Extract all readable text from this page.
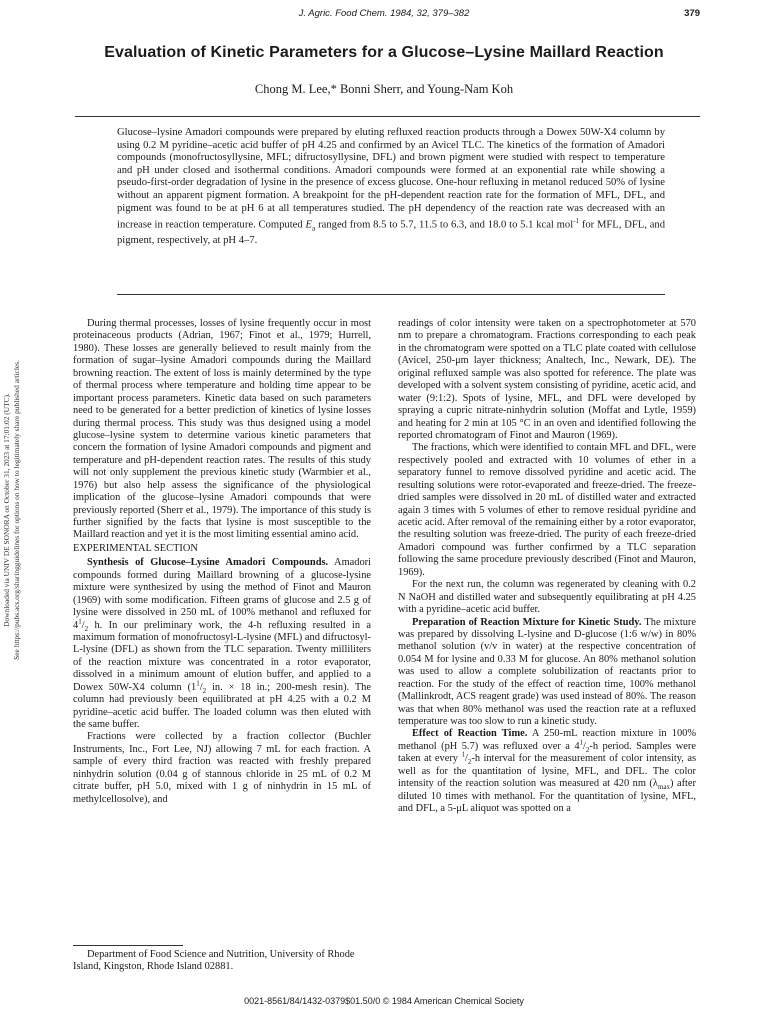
J. Agric. Food Chem. 1984, 32, 379–382	379
Evaluation of Kinetic Parameters for a Glucose–Lysine Maillard Reaction
Chong M. Lee,* Bonni Sherr, and Young-Nam Koh

Glucose–lysine Amadori compounds were prepared by eluting refluxed reaction products through a Dowex 50W-X4 column by using 0.2 M pyridine–acetic acid buffer of pH 4.25 and confirmed by an Avicel TLC. The kinetics of the formation of Amadori compounds (monofructosyllysine, MFL; difructosyllysine, DFL) and brown pigment were studied with respect to temperature and pH under closed and isothermal conditions. Amadori compounds were formed at an exponential rate while showing a pseudo-first-order degradation of lysine in the presence of excess glucose. One-hour refluxing in metanol reduced 50% of lysine without an apparent pigment formation. A breakpoint for the pH-dependent reaction rate for the formation of MFL, DFL, and pigment was found to be at pH 6 at all temperatures studied. The pH dependency of the reaction rate was decreased with an increase in reaction temperature. Computed $E_a$ ranged from 8.5 to 5.7, 11.5 to 6.3, and 18.0 to 5.1 kcal mol$^{-1}$ for MFL, DFL, and pigment, respectively, at pH 4–7.

Downloaded via UNIV DE SONORA on October 31, 2023 at 17:01:02 (UTC). See https://pubs.acs.org/sharingguidelines for options on how to legitimately share published articles.

During thermal processes, losses of lysine frequently occur in most proteinaceous products (Adrian, 1967; Finot et al., 1979; Hurrell, 1980). These losses are generally believed to result mainly from the formation of sugar–lysine Amadori compounds during the Maillard browning reaction. The extent of loss is mainly determined by the type of thermal process where temperature and holding time appear to be important process parameters. Kinetic data based on such parameters need to be generated for a better prediction of kinetics of lysine losses during thermal process. This study was thus designed using a model glucose–lysine system to determine various kinetic parameters that concern the formation of lysine Amadori compounds and pigment and temperature and pH-dependent reaction rates. The results of this study will not only supplement the previous kinetic study (Warmbier et al., 1976) but also help assess the significance of the physiological implication of the glucose–lysine Amadori compounds that were previously reported (Sherr et al., 1979). The importance of this study is further signified by the facts that lysine is most susceptible to the Maillard reaction and yet it is the most limiting essential amino acid.

EXPERIMENTAL SECTION

Synthesis of Glucose–Lysine Amadori Compounds. Amadori compounds formed during Maillard browning of a glucose-lysine mixture were synthesized by using the method of Finot and Mauron (1969) with some modification. Fifteen grams of glucose and 2.5 g of lysine were dissolved in 250 mL of 100% methanol and refluxed for $4^1/_2$ h. In our preliminary work, the 4-h refluxing resulted in a maximum formation of monofructosyl-L-lysine (MFL) and difructosyl-L-lysine (DFL) as shown from the TLC separation. Twenty milliliters of the reaction mixture was concentrated in a rotor evaporator, dissolved in a minimum amount of elution buffer, and applied to a Dowex 50W-X4 column ($1^1/_2$ in. × 18 in.; 200-mesh resin). The column had previously been equilibrated at pH 4.25 with a 0.2 M pyridine–acetic acid buffer. The loaded column was then eluted with the same buffer.

Fractions were collected by a fraction collector (Buchler Instruments, Inc., Fort Lee, NJ) allowing 7 mL for each fraction. A sample of every third fraction was reacted with freshly prepared ninhydrin solution (0.04 g of stannous chloride in 25 mL of 0.2 M citrate buffer, pH 5.0, mixed with 1 g of ninhydrin in 15 mL of methylcellosolve), and

Department of Food Science and Nutrition, University of Rhode Island, Kingston, Rhode Island 02881.

readings of color intensity were taken on a spectrophotometer at 570 nm to prepare a chromatogram. Fractions corresponding to each peak in the chromatogram were spotted on a TLC plate coated with cellulose (Avicel, 250-μm layer thickness; Analtech, Inc., Newark, DE). The original refluxed sample was also spotted for reference. The plate was developed with a solvent system consisting of pyridine, acetic acid, and water (9:1:2). Spots of lysine, MFL, and DFL were developed by spraying a cupric nitrate-ninhydrin solution (Moffat and Lytle, 1959) and heating for 2 min at 105 °C in an oven and identified following the reported chromatogram of Finot and Mauron (1969).

The fractions, which were identified to contain MFL and DFL, were respectively pooled and extracted with 10 volumes of ether in a separatory funnel to remove dissolved pyridine and acetic acid. The resulting solutions were rotor-evaporated and freeze-dried. The freeze-dried samples were dissolved in 20 mL of distilled water and extracted again 3 times with 5 volumes of ether to remove residual pyridine and acetic acid. After removal of the remaining either by a rotor evaporator, the resulting solution was freeze-dried. The purity of each freeze-dried Amadori compound was further confirmed by a TLC separation following the same procedure previously described (Finot and Mauron, 1969).

For the next run, the column was regenerated by cleaning with 0.2 N NaOH and distilled water and subsequently equilibrating at pH 4.25 with a pyridine–acetic acid buffer.

Preparation of Reaction Mixture for Kinetic Study. The mixture was prepared by dissolving L-lysine and D-glucose (1:6 w/w) in 80% methanol solution (v/v in water) at the respective concentration of 0.054 M for lysine and 0.33 M for glucose. An 80% methanol solution was used to allow a complete solubilization of reactants prior to reaction. For the study of the effect of reaction time, 100% methanol (Mallinkrodt, ACS reagent grade) was used instead of 80%. The reason was that when 80% methanol was used the reaction rate at a refluxed temperature was too slow to run a kinetic study.

Effect of Reaction Time. A 250-mL reaction mixture in 100% methanol (pH 5.7) was refluxed over a $4^1/_2-h$ period. Samples were taken at every $^1/_2-h$ interval for the measurement of color intensity, as well as for the quantitation of lysine, MFL, and DFL. The color intensity of the reaction solution was measured at 420 nm $(\lambda_{max})$ after diluted 10 times with methanol. For the quantitation of lysine, MFL, and DFL, a 5-μL aliquot was spotted on a

0021-8561/84/1432-0379$01.50/0 © 1984 American Chemical Society
